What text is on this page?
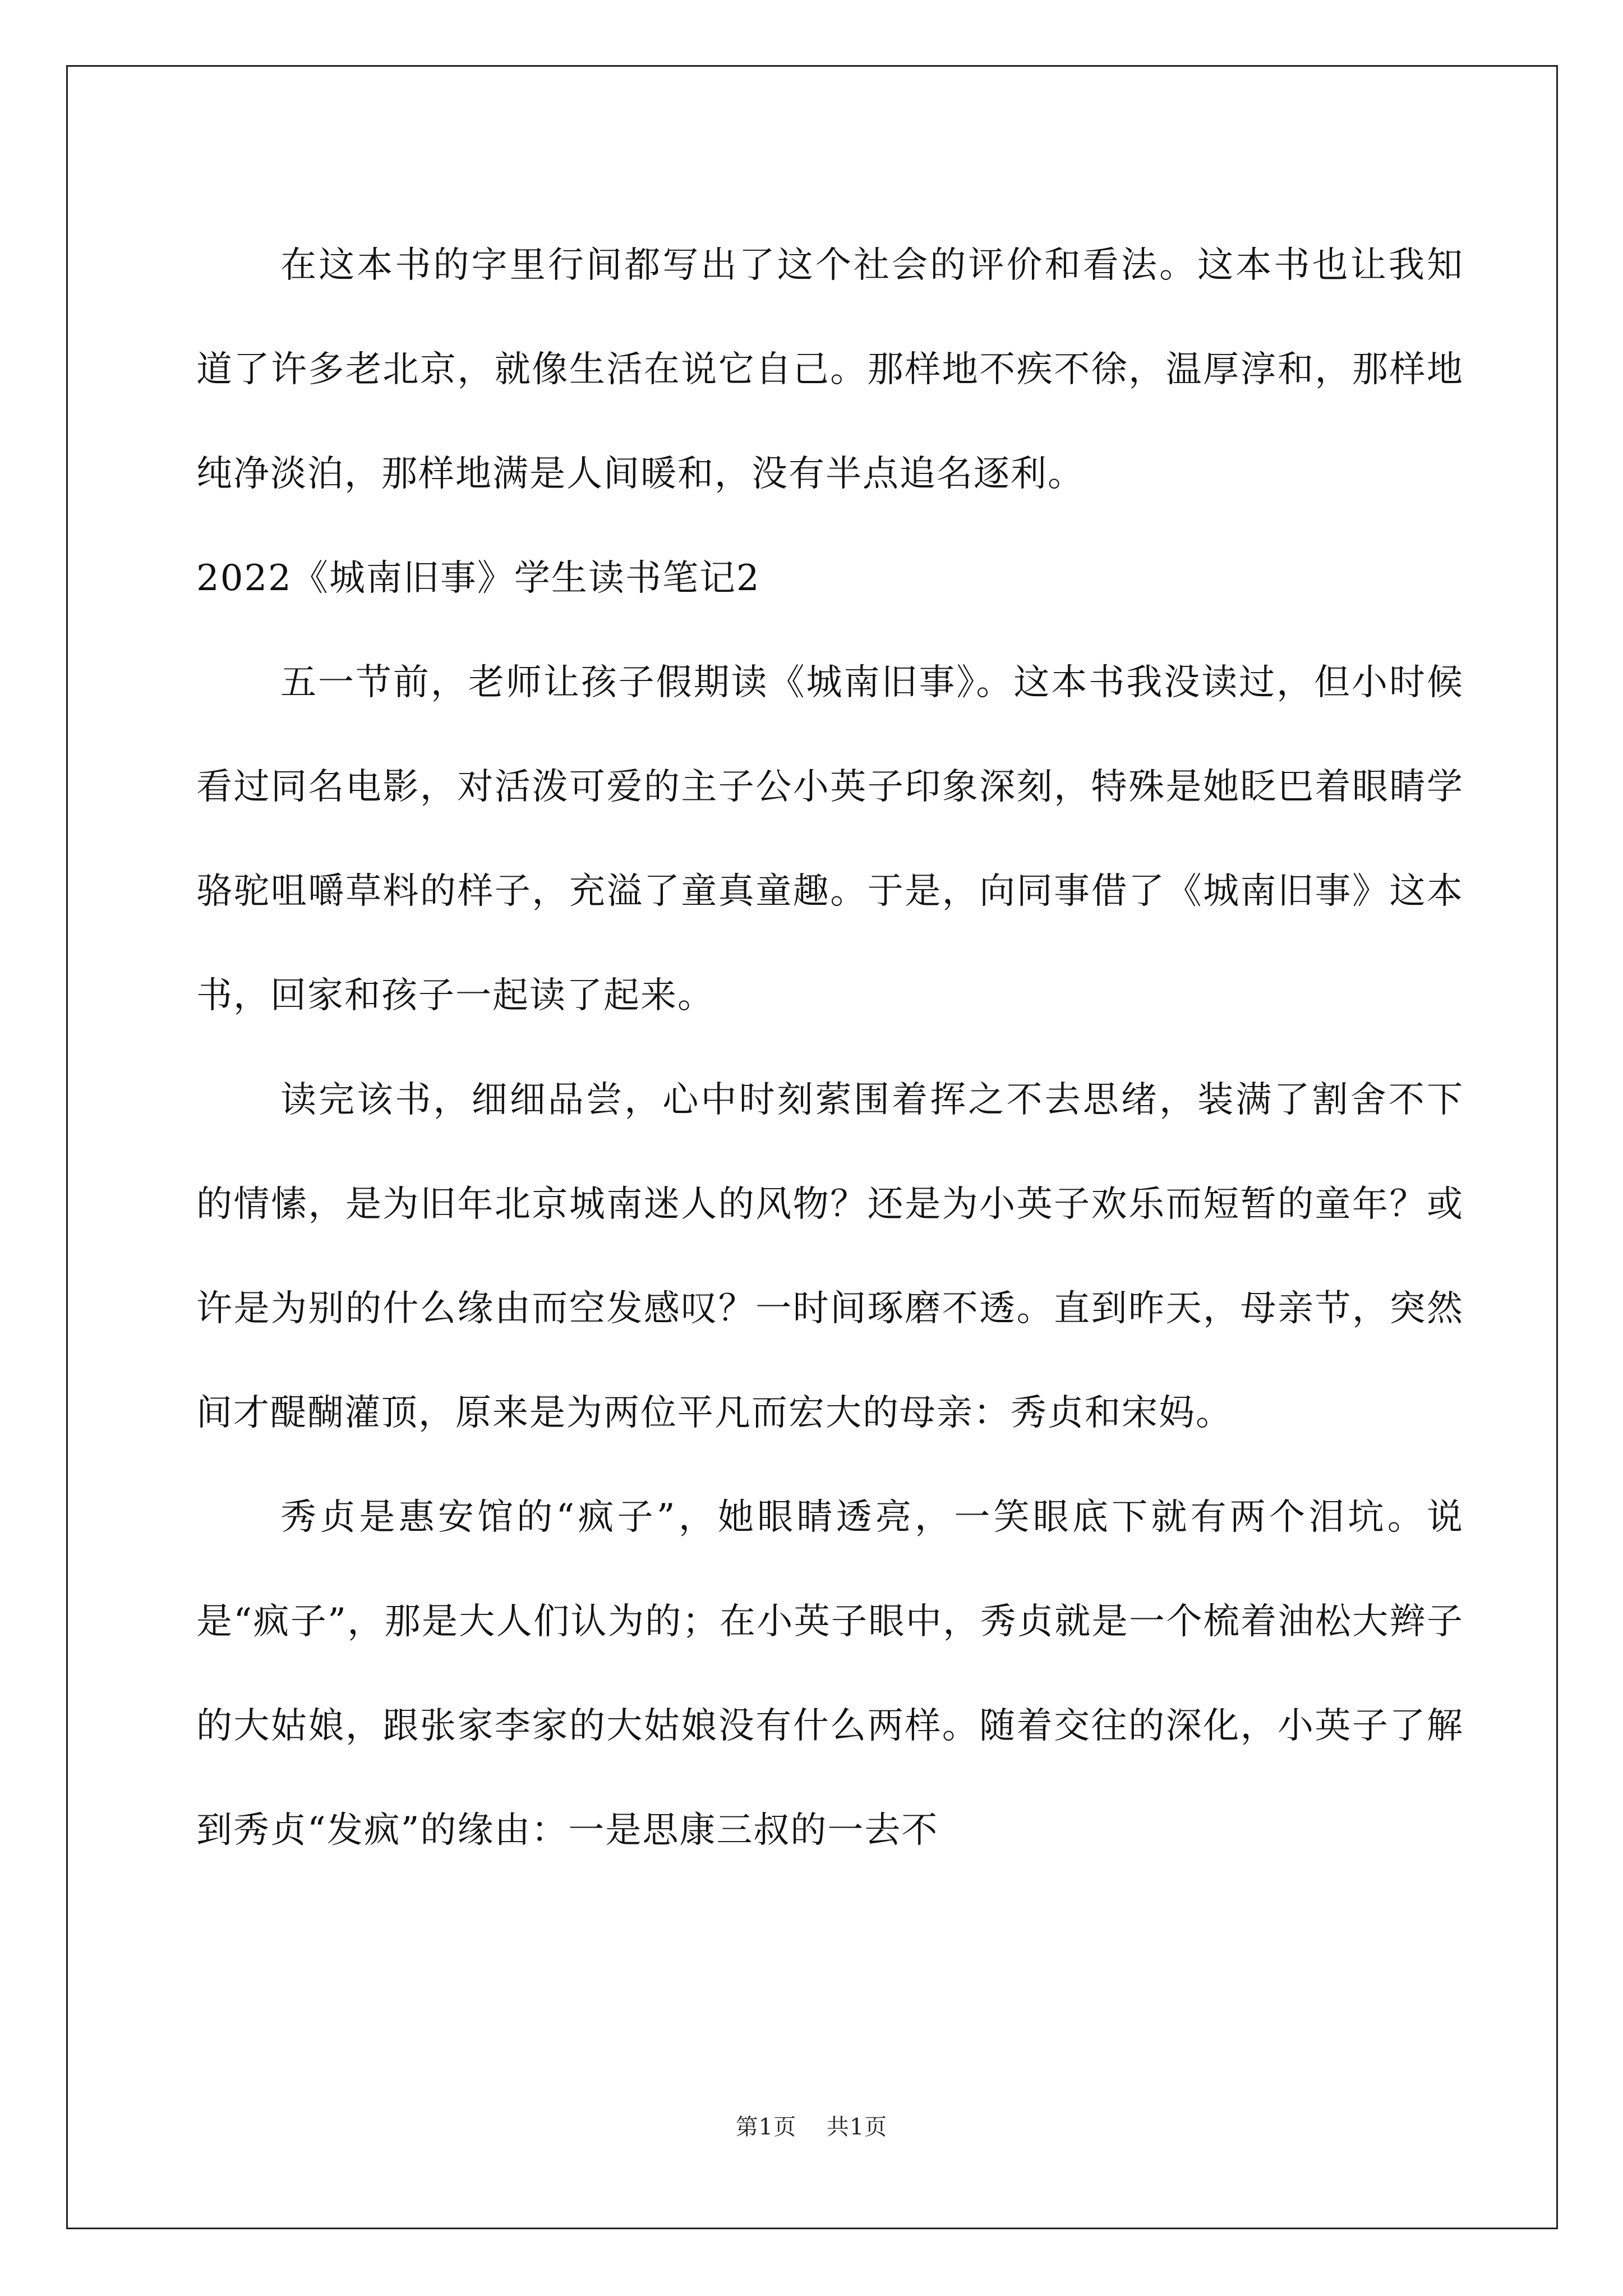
在这本书的字里行间都写出了这个社会的评价和看法。这本书也让我知道了许多老北京，就像生活在说它自己。那样地不疾不徐，温厚淳和，那样地纯净淡泊，那样地满是人间暖和，没有半点追名逐利。

2022《城南旧事》学生读书笔记2

五一节前，老师让孩子假期读《城南旧事》。这本书我没读过，但小时候看过同名电影，对活泼可爱的主子公小英子印象深刻，特殊是她眨巴着眼睛学骆驼咀嚼草料的样子，充溢了童真童趣。于是，向同事借了《城南旧事》这本书，回家和孩子一起读了起来。

读完该书，细细品尝，心中时刻萦围着挥之不去思绪，装满了割舍不下的情愫，是为旧年北京城南迷人的风物？还是为小英子欢乐而短暂的童年？或许是为别的什么缘由而空发感叹？一时间琢磨不透。直到昨天，母亲节，突然间才醍醐灌顶，原来是为两位平凡而宏大的母亲：秀贞和宋妈。

秀贞是惠安馆的“疯子”，她眼睛透亮，一笑眼底下就有两个泪坑。说是“疯子”，那是大人们认为的；在小英子眼中，秀贞就是一个梳着油松大辫子的大姑娘，跟张家李家的大姑娘没有什么两样。随着交往的深化，小英子了解到秀贞“发疯”的缘由：一是思康三叔的一去不

第1页 共1页
